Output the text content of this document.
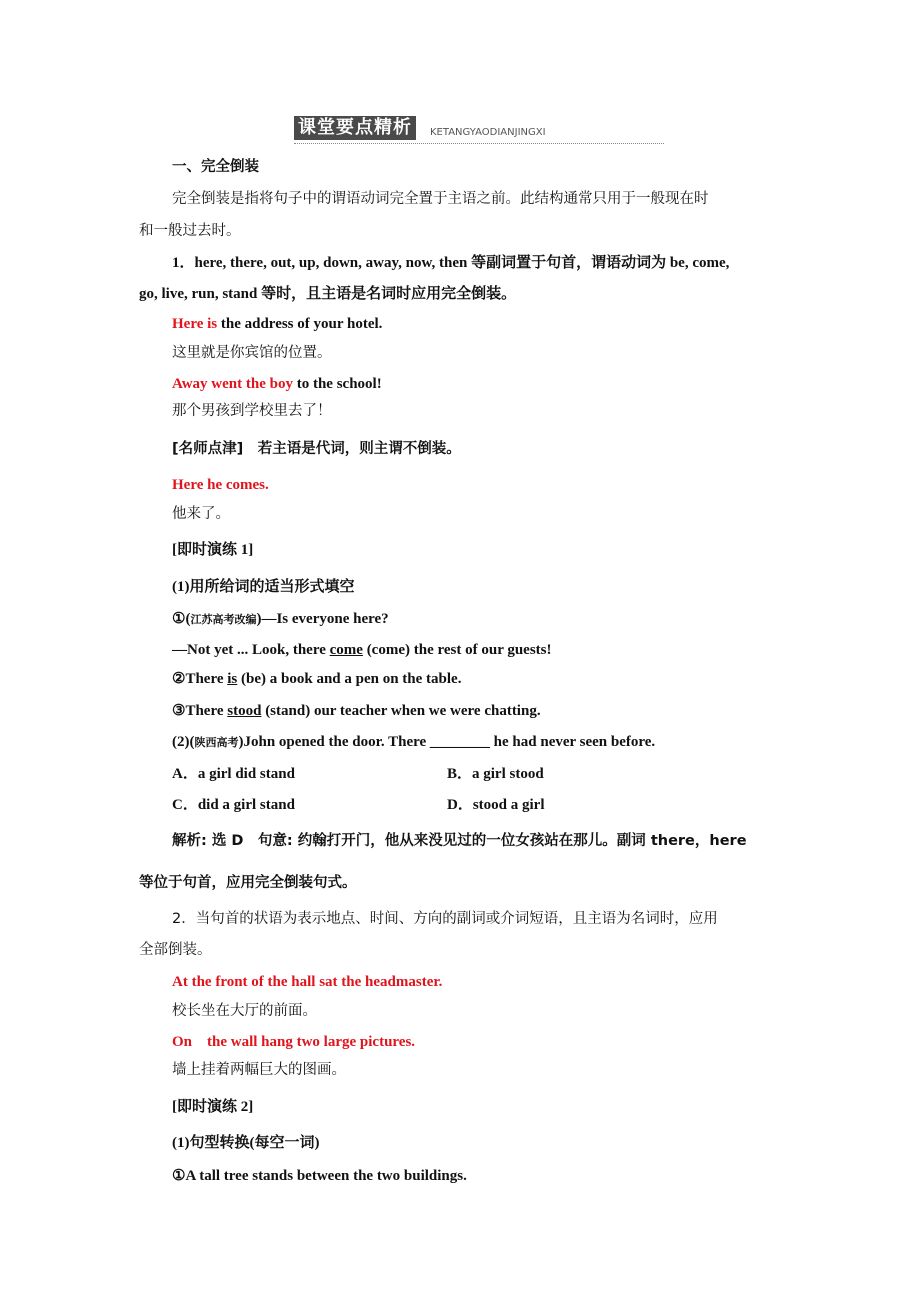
课堂要点精析	KETANGYAODIANJINGXI
一、完全倒装
完全倒装是指将句子中的谓语动词完全置于主语之前。此结构通常只用于一般现在时
和一般过去时。
1．here, there, out, up, down, away, now, then 等副词置于句首，谓语动词为 be, come,
go, live, run, stand 等时，且主语是名词时应用完全倒装。
Here is the address of your hotel.
这里就是你宾馆的位置。
Away went the boy to the school!
那个男孩到学校里去了！
[名师点津]　若主语是代词，则主谓不倒装。
Here he comes.
他来了。
[即时演练 1]
(1)用所给词的适当形式填空
①(江苏高考改编)—Is everyone here?
—Not yet ... Look, there come (come) the rest of our guests!
②There is (be) a book and a pen on the table.
③There stood (stand) our teacher when we were chatting.
(2)(陕西高考)John opened the door. There ________ he had never seen before.
A．a girl did stand	B．a girl stood
C．did a girl stand	D．stood a girl
解析: 选 D　句意: 约翰打开门，他从来没见过的一位女孩站在那儿。副词 there，here
等位于句首，应用完全倒装句式。
2．当句首的状语为表示地点、时间、方向的副词或介词短语，且主语为名词时，应用
全部倒装。
At the front of the hall sat the headmaster.
校长坐在大厅的前面。
On　the wall hang two large pictures.
墙上挂着两幅巨大的图画。
[即时演练 2]
(1)句型转换(每空一词)
①A tall tree stands between the two buildings.
